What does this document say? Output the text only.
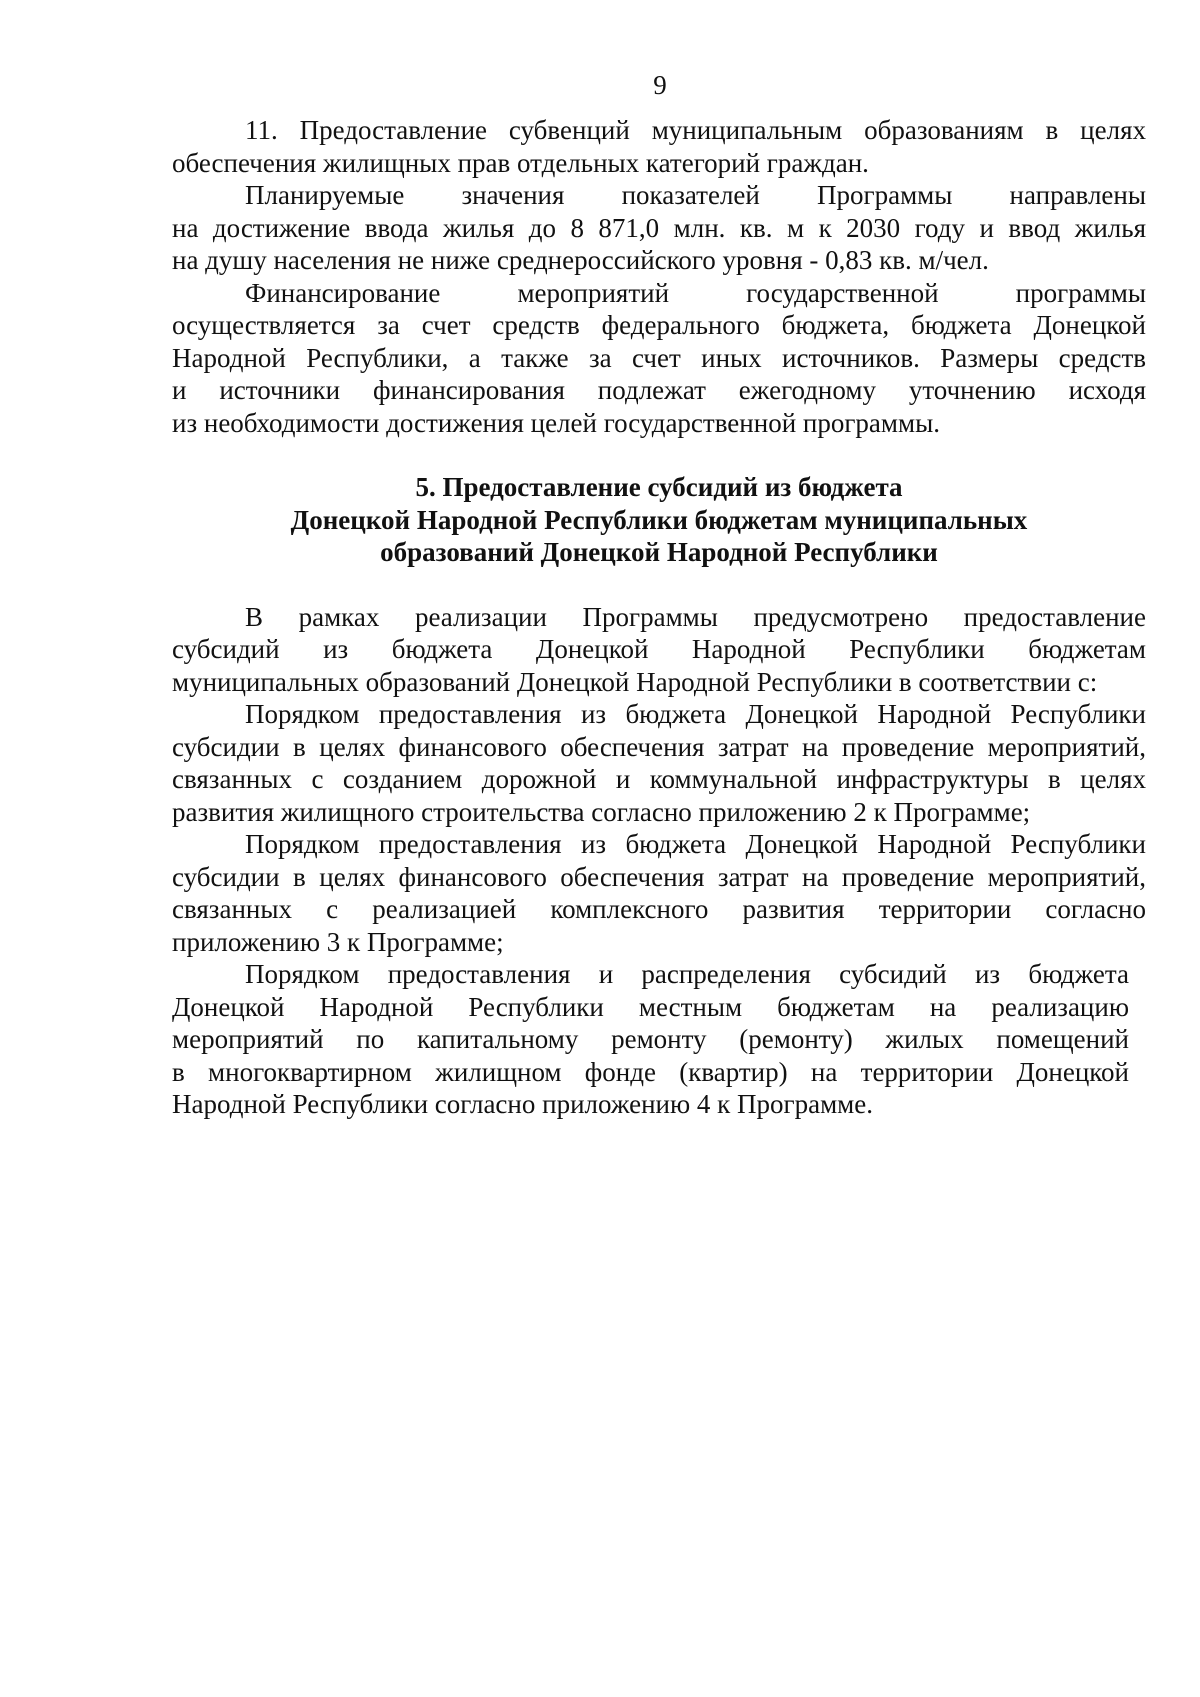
9
11. Предоставление субвенций муниципальным образованиям в целях
обеспечения жилищных прав отдельных категорий граждан.
Планируемые значения показателей Программы направлены
на достижение ввода жилья до 8 871,0 млн. кв. м к 2030 году и ввод жилья
на душу населения не ниже среднероссийского уровня - 0,83 кв. м/чел.
Финансирование мероприятий государственной программы
осуществляется за счет средств федерального бюджета, бюджета Донецкой
Народной Республики, а также за счет иных источников. Размеры средств
и источники финансирования подлежат ежегодному уточнению исходя
из необходимости достижения целей государственной программы.
5. Предоставление субсидий из бюджета
Донецкой Народной Республики бюджетам муниципальных
образований Донецкой Народной Республики
В рамках реализации Программы предусмотрено предоставление
субсидий из бюджета Донецкой Народной Республики бюджетам
муниципальных образований Донецкой Народной Республики в соответствии с:
Порядком предоставления из бюджета Донецкой Народной Республики
субсидии в целях финансового обеспечения затрат на проведение мероприятий,
связанных с созданием дорожной и коммунальной инфраструктуры в целях
развития жилищного строительства согласно приложению 2 к Программе;
Порядком предоставления из бюджета Донецкой Народной Республики
субсидии в целях финансового обеспечения затрат на проведение мероприятий,
связанных с реализацией комплексного развития территории согласно
приложению 3 к Программе;
Порядком предоставления и распределения субсидий из бюджета
Донецкой Народной Республики местным бюджетам на реализацию
мероприятий по капитальному ремонту (ремонту) жилых помещений
в многоквартирном жилищном фонде (квартир) на территории Донецкой
Народной Республики согласно приложению 4 к Программе.
